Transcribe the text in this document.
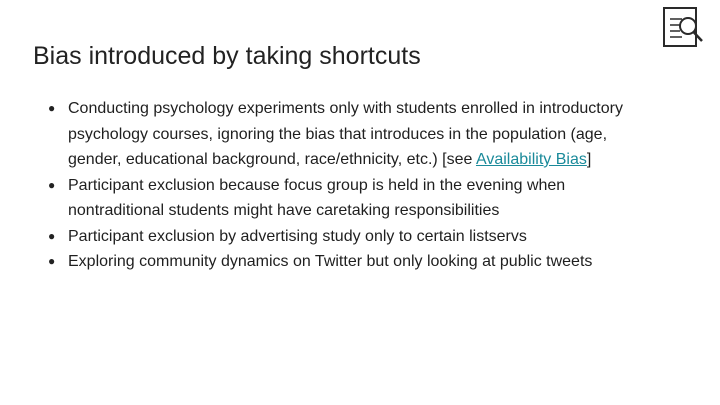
Bias introduced by taking shortcuts
● Conducting psychology experiments only with students enrolled in introductory psychology courses, ignoring the bias that introduces in the population (age, gender, educational background, race/ethnicity, etc.) [see Availability Bias]
● Participant exclusion because focus group is held in the evening when nontraditional students might have caretaking responsibilities
● Participant exclusion by advertising study only to certain listservs
● Exploring community dynamics on Twitter but only looking at public tweets
